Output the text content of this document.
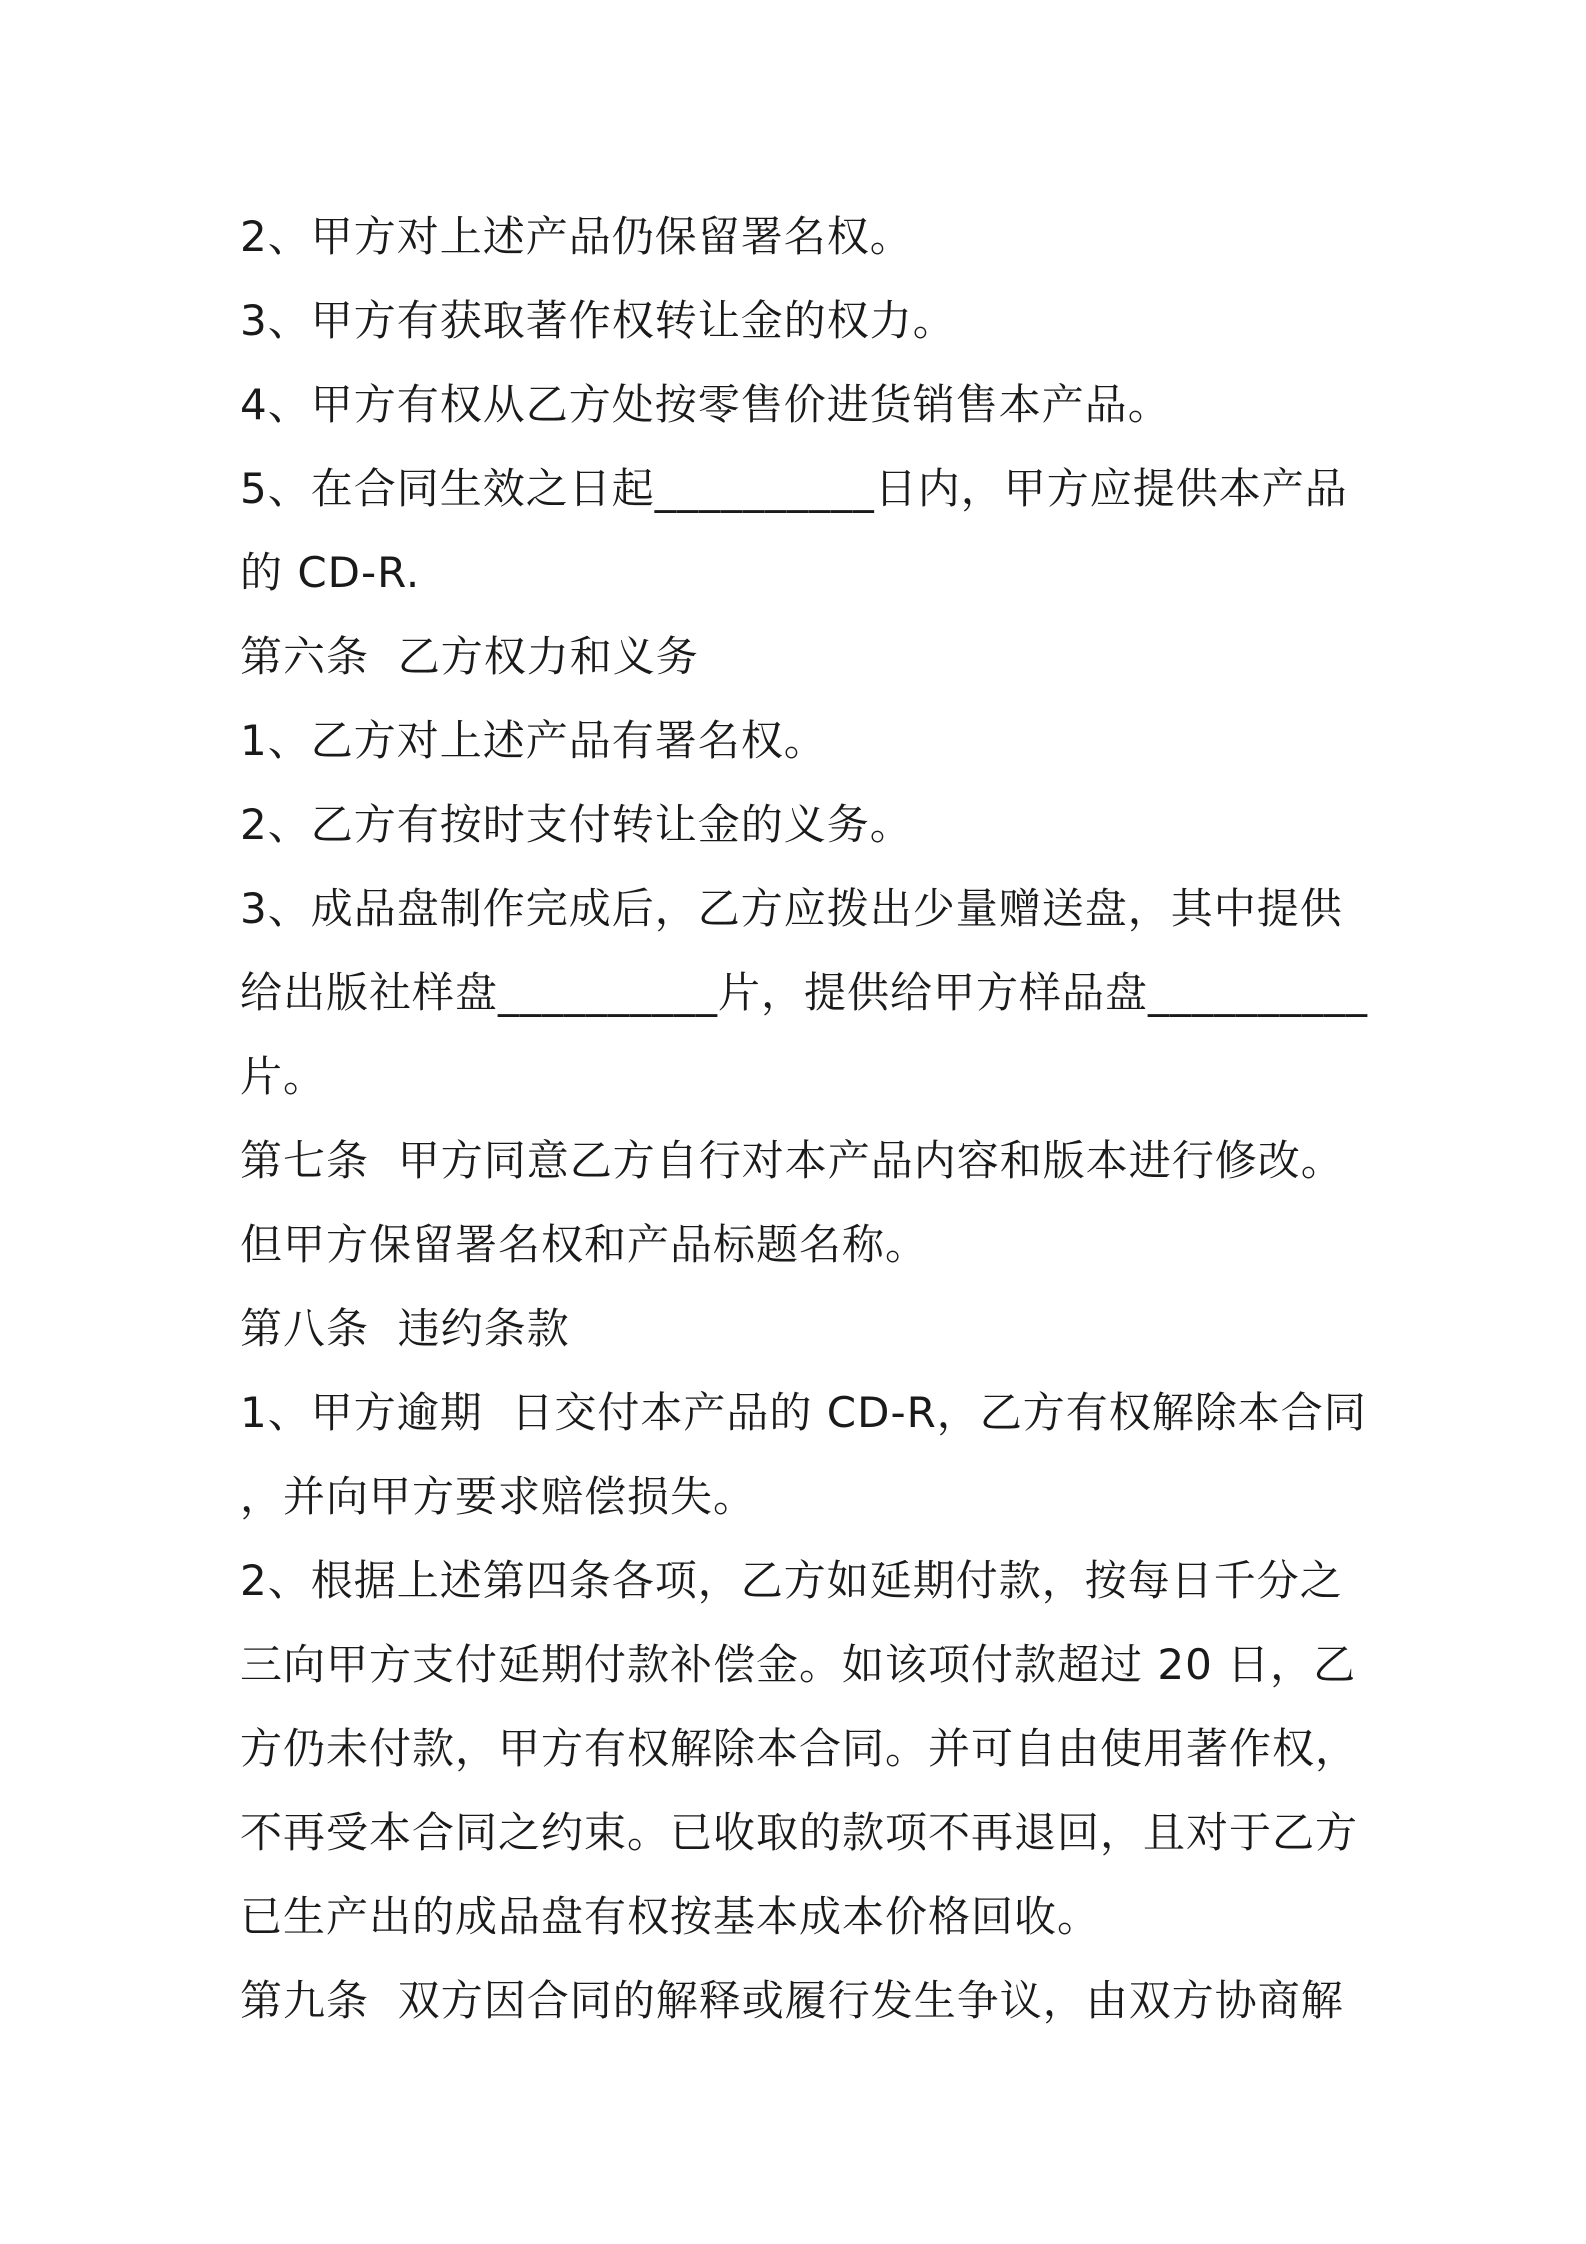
2、甲方对上述产品仍保留署名权。
3、甲方有获取著作权转让金的权力。
4、甲方有权从乙方处按零售价进货销售本产品。
5、在合同生效之日起__________日内，甲方应提供本产品
的 CD-R.
第六条  乙方权力和义务
1、乙方对上述产品有署名权。
2、乙方有按时支付转让金的义务。
3、成品盘制作完成后，乙方应拨出少量赠送盘，其中提供
给出版社样盘__________片，提供给甲方样品盘__________
片。
第七条  甲方同意乙方自行对本产品内容和版本进行修改。
但甲方保留署名权和产品标题名称。
第八条  违约条款
1、甲方逾期  日交付本产品的 CD-R，乙方有权解除本合同
，并向甲方要求赔偿损失。
2、根据上述第四条各项，乙方如延期付款，按每日千分之
三向甲方支付延期付款补偿金。如该项付款超过 20 日，乙
方仍未付款，甲方有权解除本合同。并可自由使用著作权，
不再受本合同之约束。已收取的款项不再退回，且对于乙方
已生产出的成品盘有权按基本成本价格回收。
第九条  双方因合同的解释或履行发生争议，由双方协商解
